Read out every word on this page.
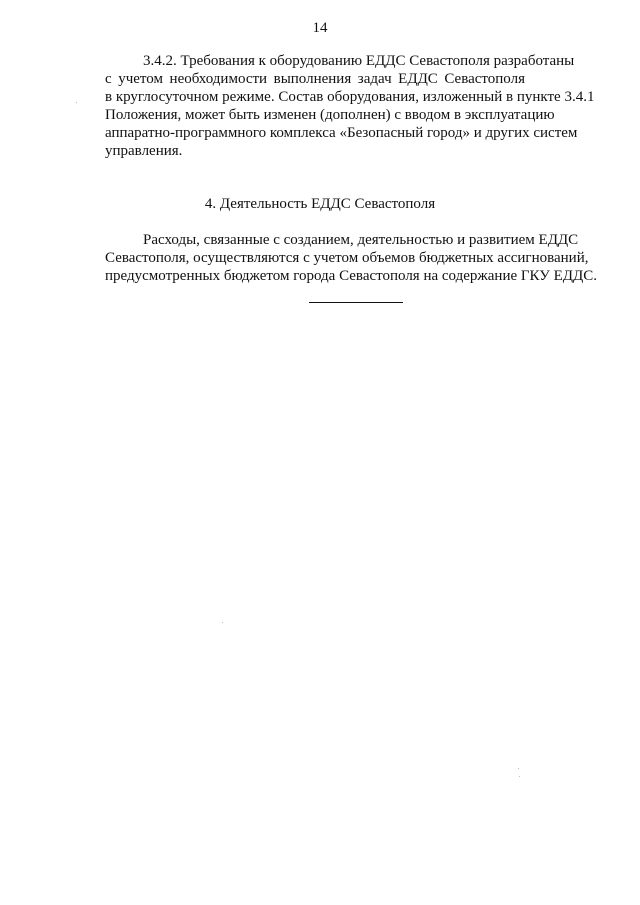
14
3.4.2. Требования к оборудованию ЕДДС Севастополя разработаны
с учетом необходимости выполнения задач ЕДДС Севастополя
в круглосуточном режиме. Состав оборудования, изложенный в пункте 3.4.1
Положения, может быть изменен (дополнен) с вводом в эксплуатацию
аппаратно-программного комплекса «Безопасный город» и других систем
управления.
4. Деятельность ЕДДС Севастополя
Расходы, связанные с созданием, деятельностью и развитием ЕДДС
Севастополя, осуществляются с учетом объемов бюджетных ассигнований,
предусмотренных бюджетом города Севастополя на содержание ГКУ ЕДДС.
